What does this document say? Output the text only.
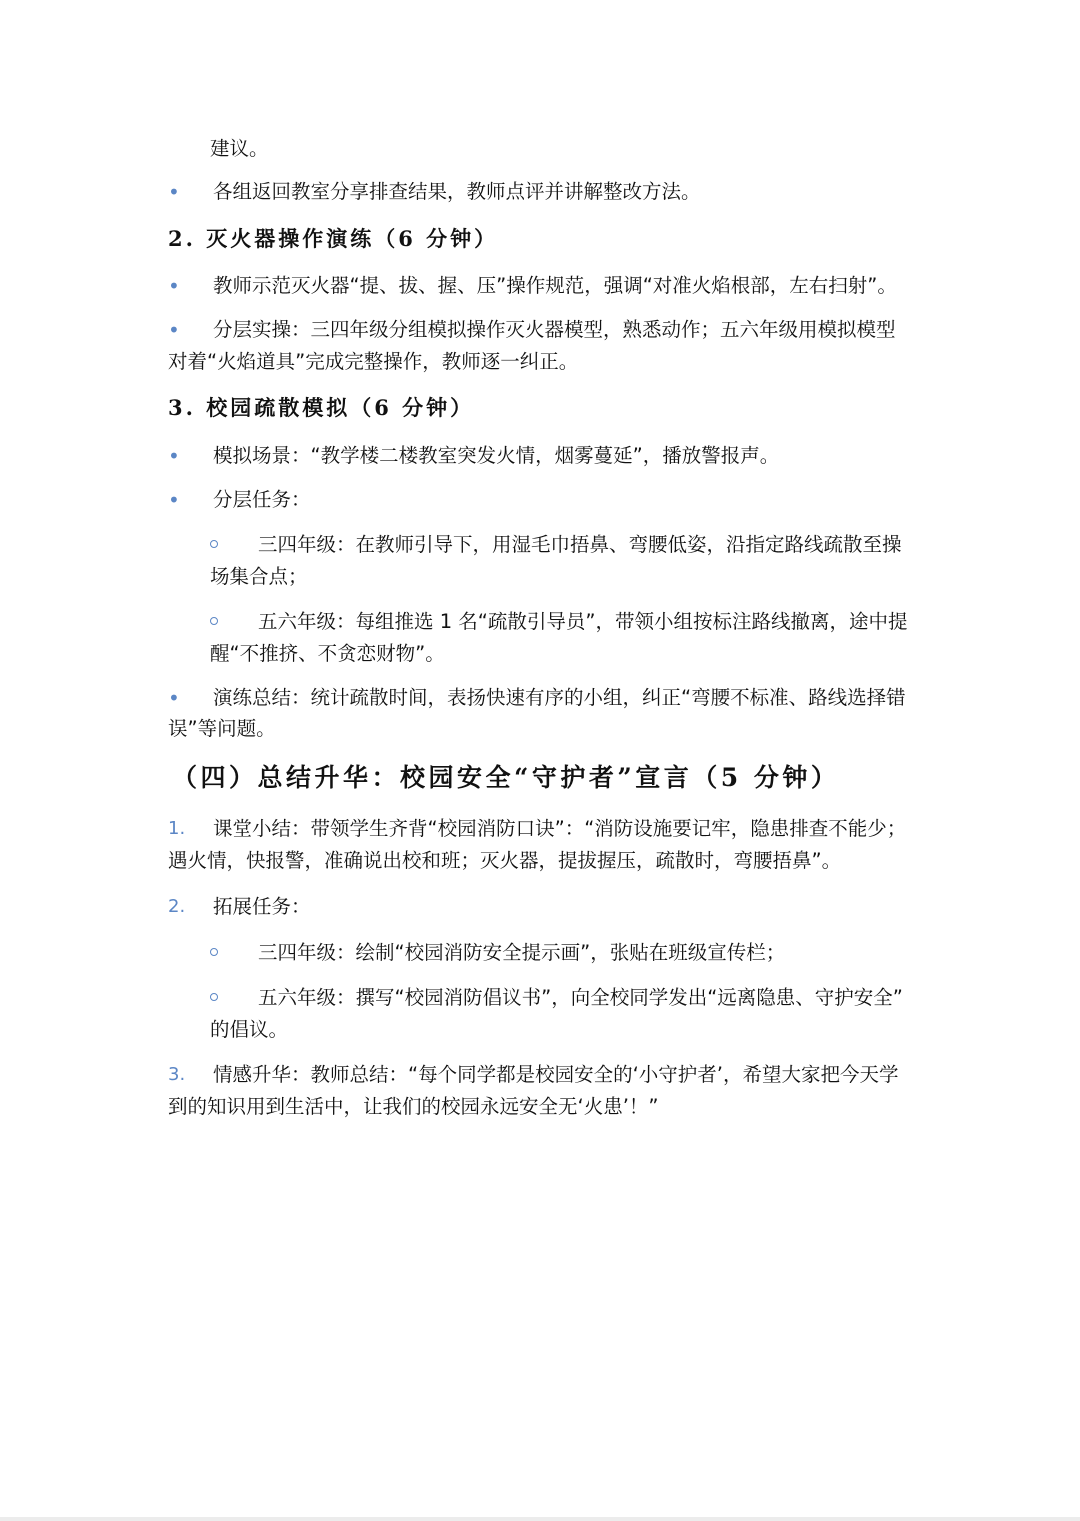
建议。
• 各组返回教室分享排查结果，教师点评并讲解整改方法。
2. 灭火器操作演练（6 分钟）
• 教师示范灭火器“提、拔、握、压”操作规范，强调“对准火焰根部，左右扫射”。
• 分层实操：三四年级分组模拟操作灭火器模型，熟悉动作；五六年级用模拟模型
对着“火焰道具”完成完整操作，教师逐一纠正。
3. 校园疏散模拟（6 分钟）
• 模拟场景：“教学楼二楼教室突发火情，烟雾蔓延”，播放警报声。
• 分层任务：
三四年级：在教师引导下，用湿毛巾捂鼻、弯腰低姿，沿指定路线疏散至操
场集合点；
五六年级：每组推选 1 名“疏散引导员”，带领小组按标注路线撤离，途中提
醒“不推挤、不贪恋财物”。
• 演练总结：统计疏散时间，表扬快速有序的小组，纠正“弯腰不标准、路线选择错
误”等问题。
（四）总结升华：校园安全“守护者”宣言（5 分钟）
1. 课堂小结：带领学生齐背“校园消防口诀”：“消防设施要记牢，隐患排查不能少；
遇火情，快报警，准确说出校和班；灭火器，提拔握压，疏散时，弯腰捂鼻”。
2. 拓展任务：
三四年级：绘制“校园消防安全提示画”，张贴在班级宣传栏；
五六年级：撰写“校园消防倡议书”，向全校同学发出“远离隐患、守护安全”
的倡议。
3. 情感升华：教师总结：“每个同学都是校园安全的‘小守护者’，希望大家把今天学
到的知识用到生活中，让我们的校园永远安全无‘火患’！”
